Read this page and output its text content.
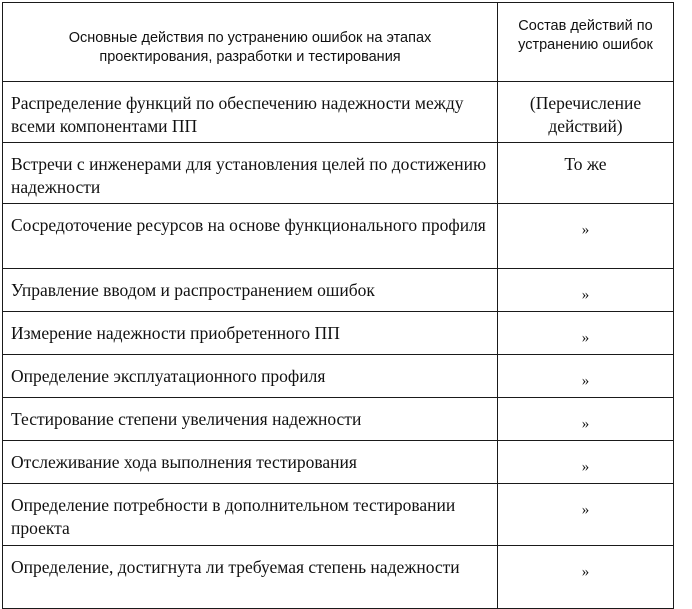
Основные действия по устранению ошибок на этапах проектирования, разработки и тестирования	Состав действий по устранению ошибок
Распределение функций по обеспечению надежности между всеми компонентами ПП	(Перечисление действий)
Встречи с инженерами для установления целей по достижению надежности	То же
Сосредоточение ресурсов на основе функционального профиля	»
Управление вводом и распространением ошибок	»
Измерение надежности приобретенного ПП	»
Определение эксплуатационного профиля	»
Тестирование степени увеличения надежности	»
Отслеживание хода выполнения тестирования	»
Определение потребности в дополнительном тестировании проекта	»
Определение, достигнута ли требуемая степень надежности	»
